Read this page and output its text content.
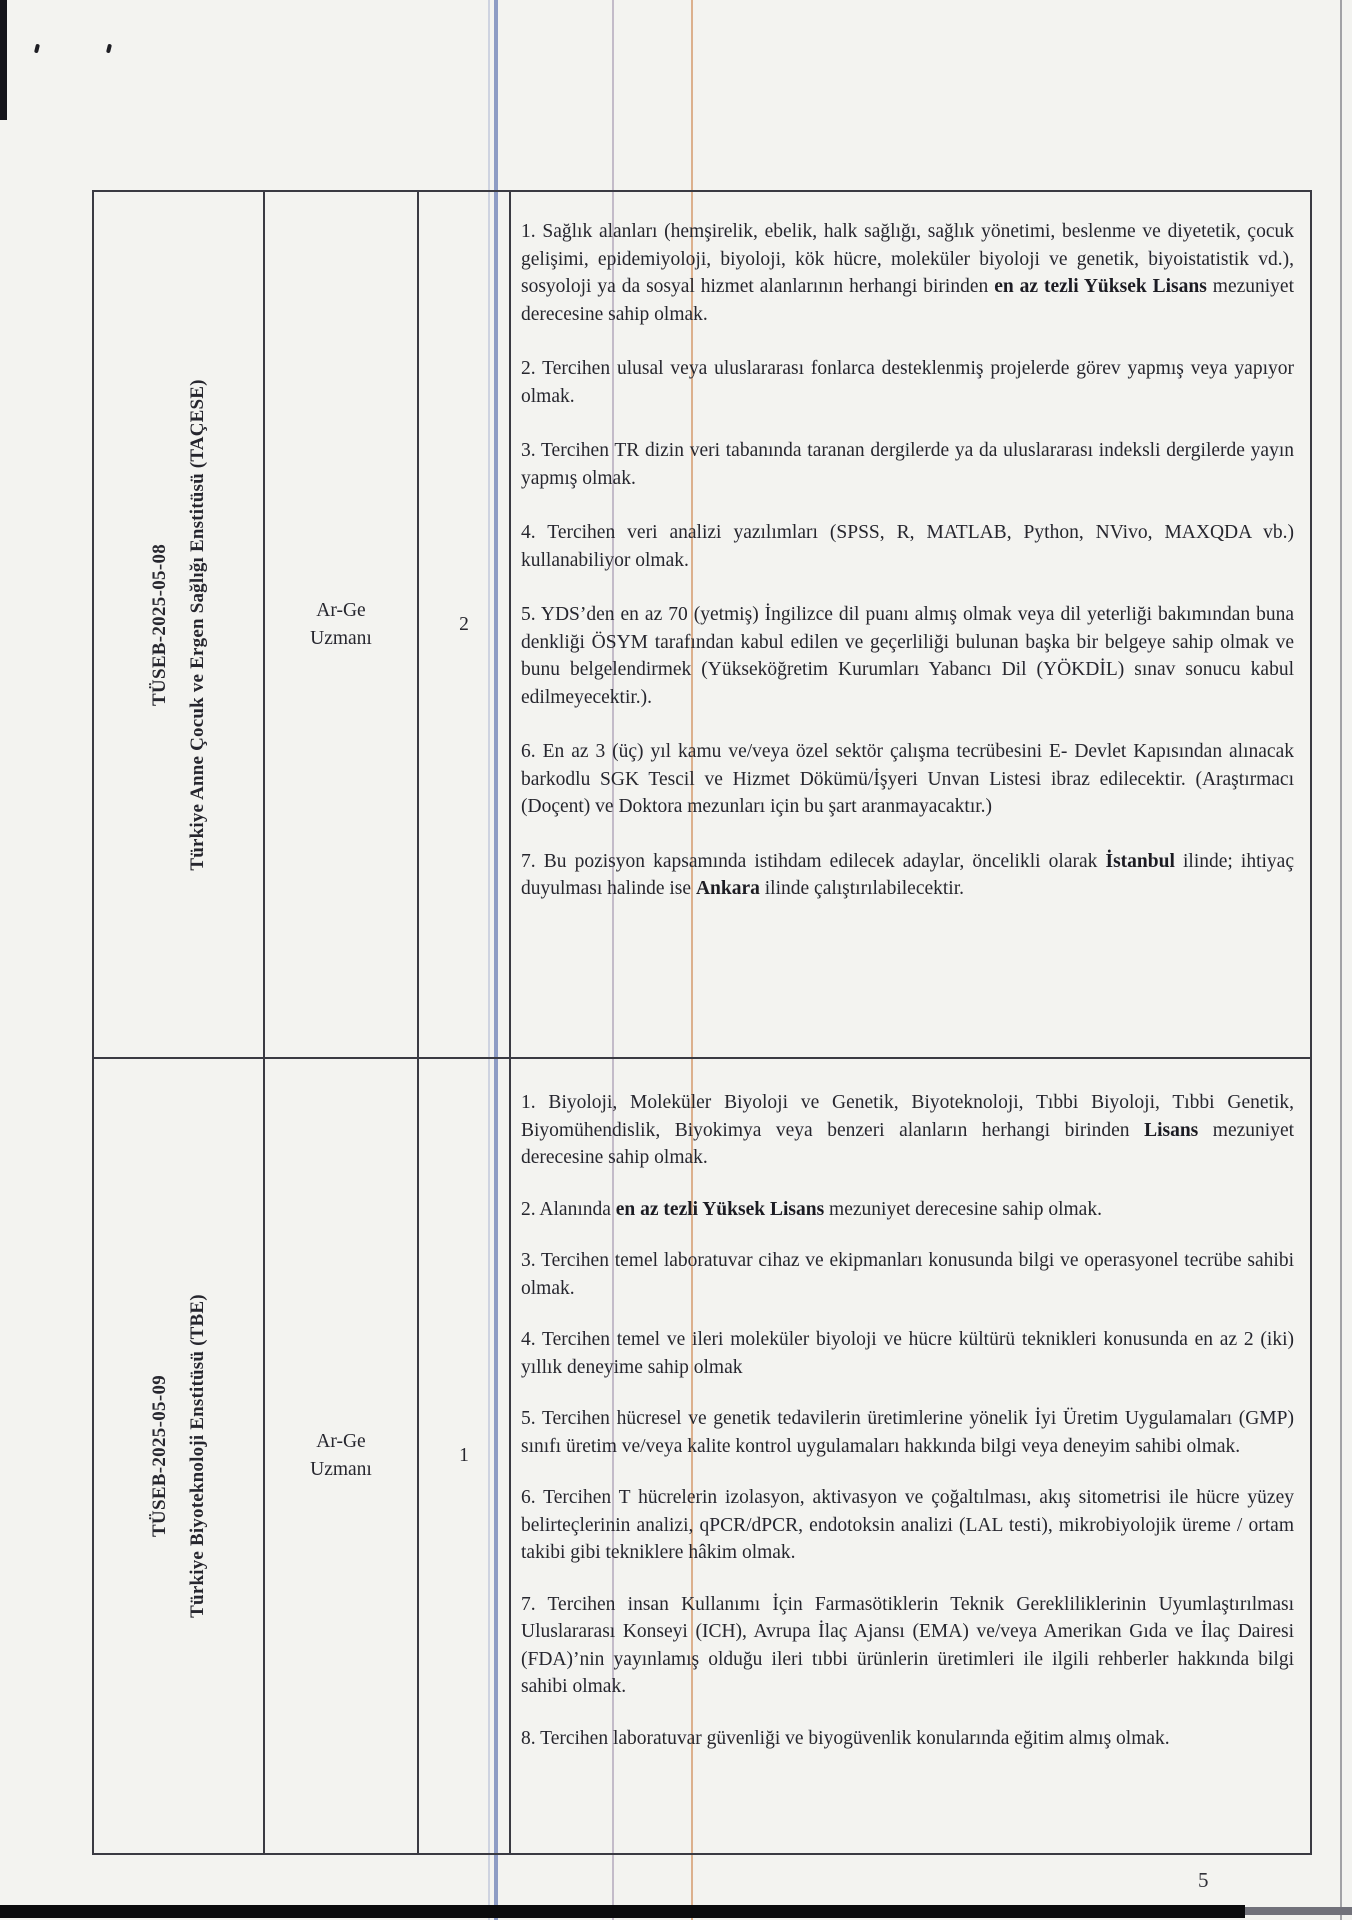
TÜSEB-2025-05-08 Türkiye Anne Çocuk ve Ergen Sağlığı Enstitüsü (TAÇESE)	Ar-Ge Uzmanı
2

1. Sağlık alanları (hemşirelik, ebelik, halk sağlığı, sağlık yönetimi, beslenme ve diyetetik, çocuk gelişimi, epidemiyoloji, biyoloji, kök hücre, moleküler biyoloji ve genetik, biyoistatistik vd.), sosyoloji ya da sosyal hizmet alanlarının herhangi birinden en az tezli Yüksek Lisans mezuniyet derecesine sahip olmak.

2. Tercihen ulusal veya uluslararası fonlarca desteklenmiş projelerde görev yapmış veya yapıyor olmak.

3. Tercihen TR dizin veri tabanında taranan dergilerde ya da uluslararası indeksli dergilerde yayın yapmış olmak.

4. Tercihen veri analizi yazılımları (SPSS, R, MATLAB, Python, NVivo, MAXQDA vb.) kullanabiliyor olmak.

5. YDS’den en az 70 (yetmiş) İngilizce dil puanı almış olmak veya dil yeterliği bakımından buna denkliği ÖSYM tarafından kabul edilen ve geçerliliği bulunan başka bir belgeye sahip olmak ve bunu belgelendirmek (Yükseköğretim Kurumları Yabancı Dil (YÖKDİL) sınav sonucu kabul edilmeyecektir.).

6. En az 3 (üç) yıl kamu ve/veya özel sektör çalışma tecrübesini E- Devlet Kapısından alınacak barkodlu SGK Tescil ve Hizmet Dökümü/İşyeri Unvan Listesi ibraz edilecektir. (Araştırmacı (Doçent) ve Doktora mezunları için bu şart aranmayacaktır.)

7. Bu pozisyon kapsamında istihdam edilecek adaylar, öncelikli olarak İstanbul ilinde; ihtiyaç duyulması halinde ise Ankara ilinde çalıştırılabilecektir.

TÜSEB-2025-05-09 Türkiye Biyoteknoloji Enstitüsü (TBE)	Ar-Ge Uzmanı
1

1. Biyoloji, Moleküler Biyoloji ve Genetik, Biyoteknoloji, Tıbbi Biyoloji, Tıbbi Genetik, Biyomühendislik, Biyokimya veya benzeri alanların herhangi birinden Lisans mezuniyet derecesine sahip olmak.

2. Alanında en az tezli Yüksek Lisans mezuniyet derecesine sahip olmak.

3. Tercihen temel laboratuvar cihaz ve ekipmanları konusunda bilgi ve operasyonel tecrübe sahibi olmak.

4. Tercihen temel ve ileri moleküler biyoloji ve hücre kültürü teknikleri konusunda en az 2 (iki) yıllık deneyime sahip olmak

5. Tercihen hücresel ve genetik tedavilerin üretimlerine yönelik İyi Üretim Uygulamaları (GMP) sınıfı üretim ve/veya kalite kontrol uygulamaları hakkında bilgi veya deneyim sahibi olmak.

6. Tercihen T hücrelerin izolasyon, aktivasyon ve çoğaltılması, akış sitometrisi ile hücre yüzey belirteçlerinin analizi, qPCR/dPCR, endotoksin analizi (LAL testi), mikrobiyolojik üreme / ortam takibi gibi tekniklere hâkim olmak.

7. Tercihen insan Kullanımı İçin Farmasötiklerin Teknik Gerekliliklerinin Uyumlaştırılması Uluslararası Konseyi (ICH), Avrupa İlaç Ajansı (EMA) ve/veya Amerikan Gıda ve İlaç Dairesi (FDA)’nin yayınlamış olduğu ileri tıbbi ürünlerin üretimleri ile ilgili rehberler hakkında bilgi sahibi olmak.

8. Tercihen laboratuvar güvenliği ve biyogüvenlik konularında eğitim almış olmak.

5
